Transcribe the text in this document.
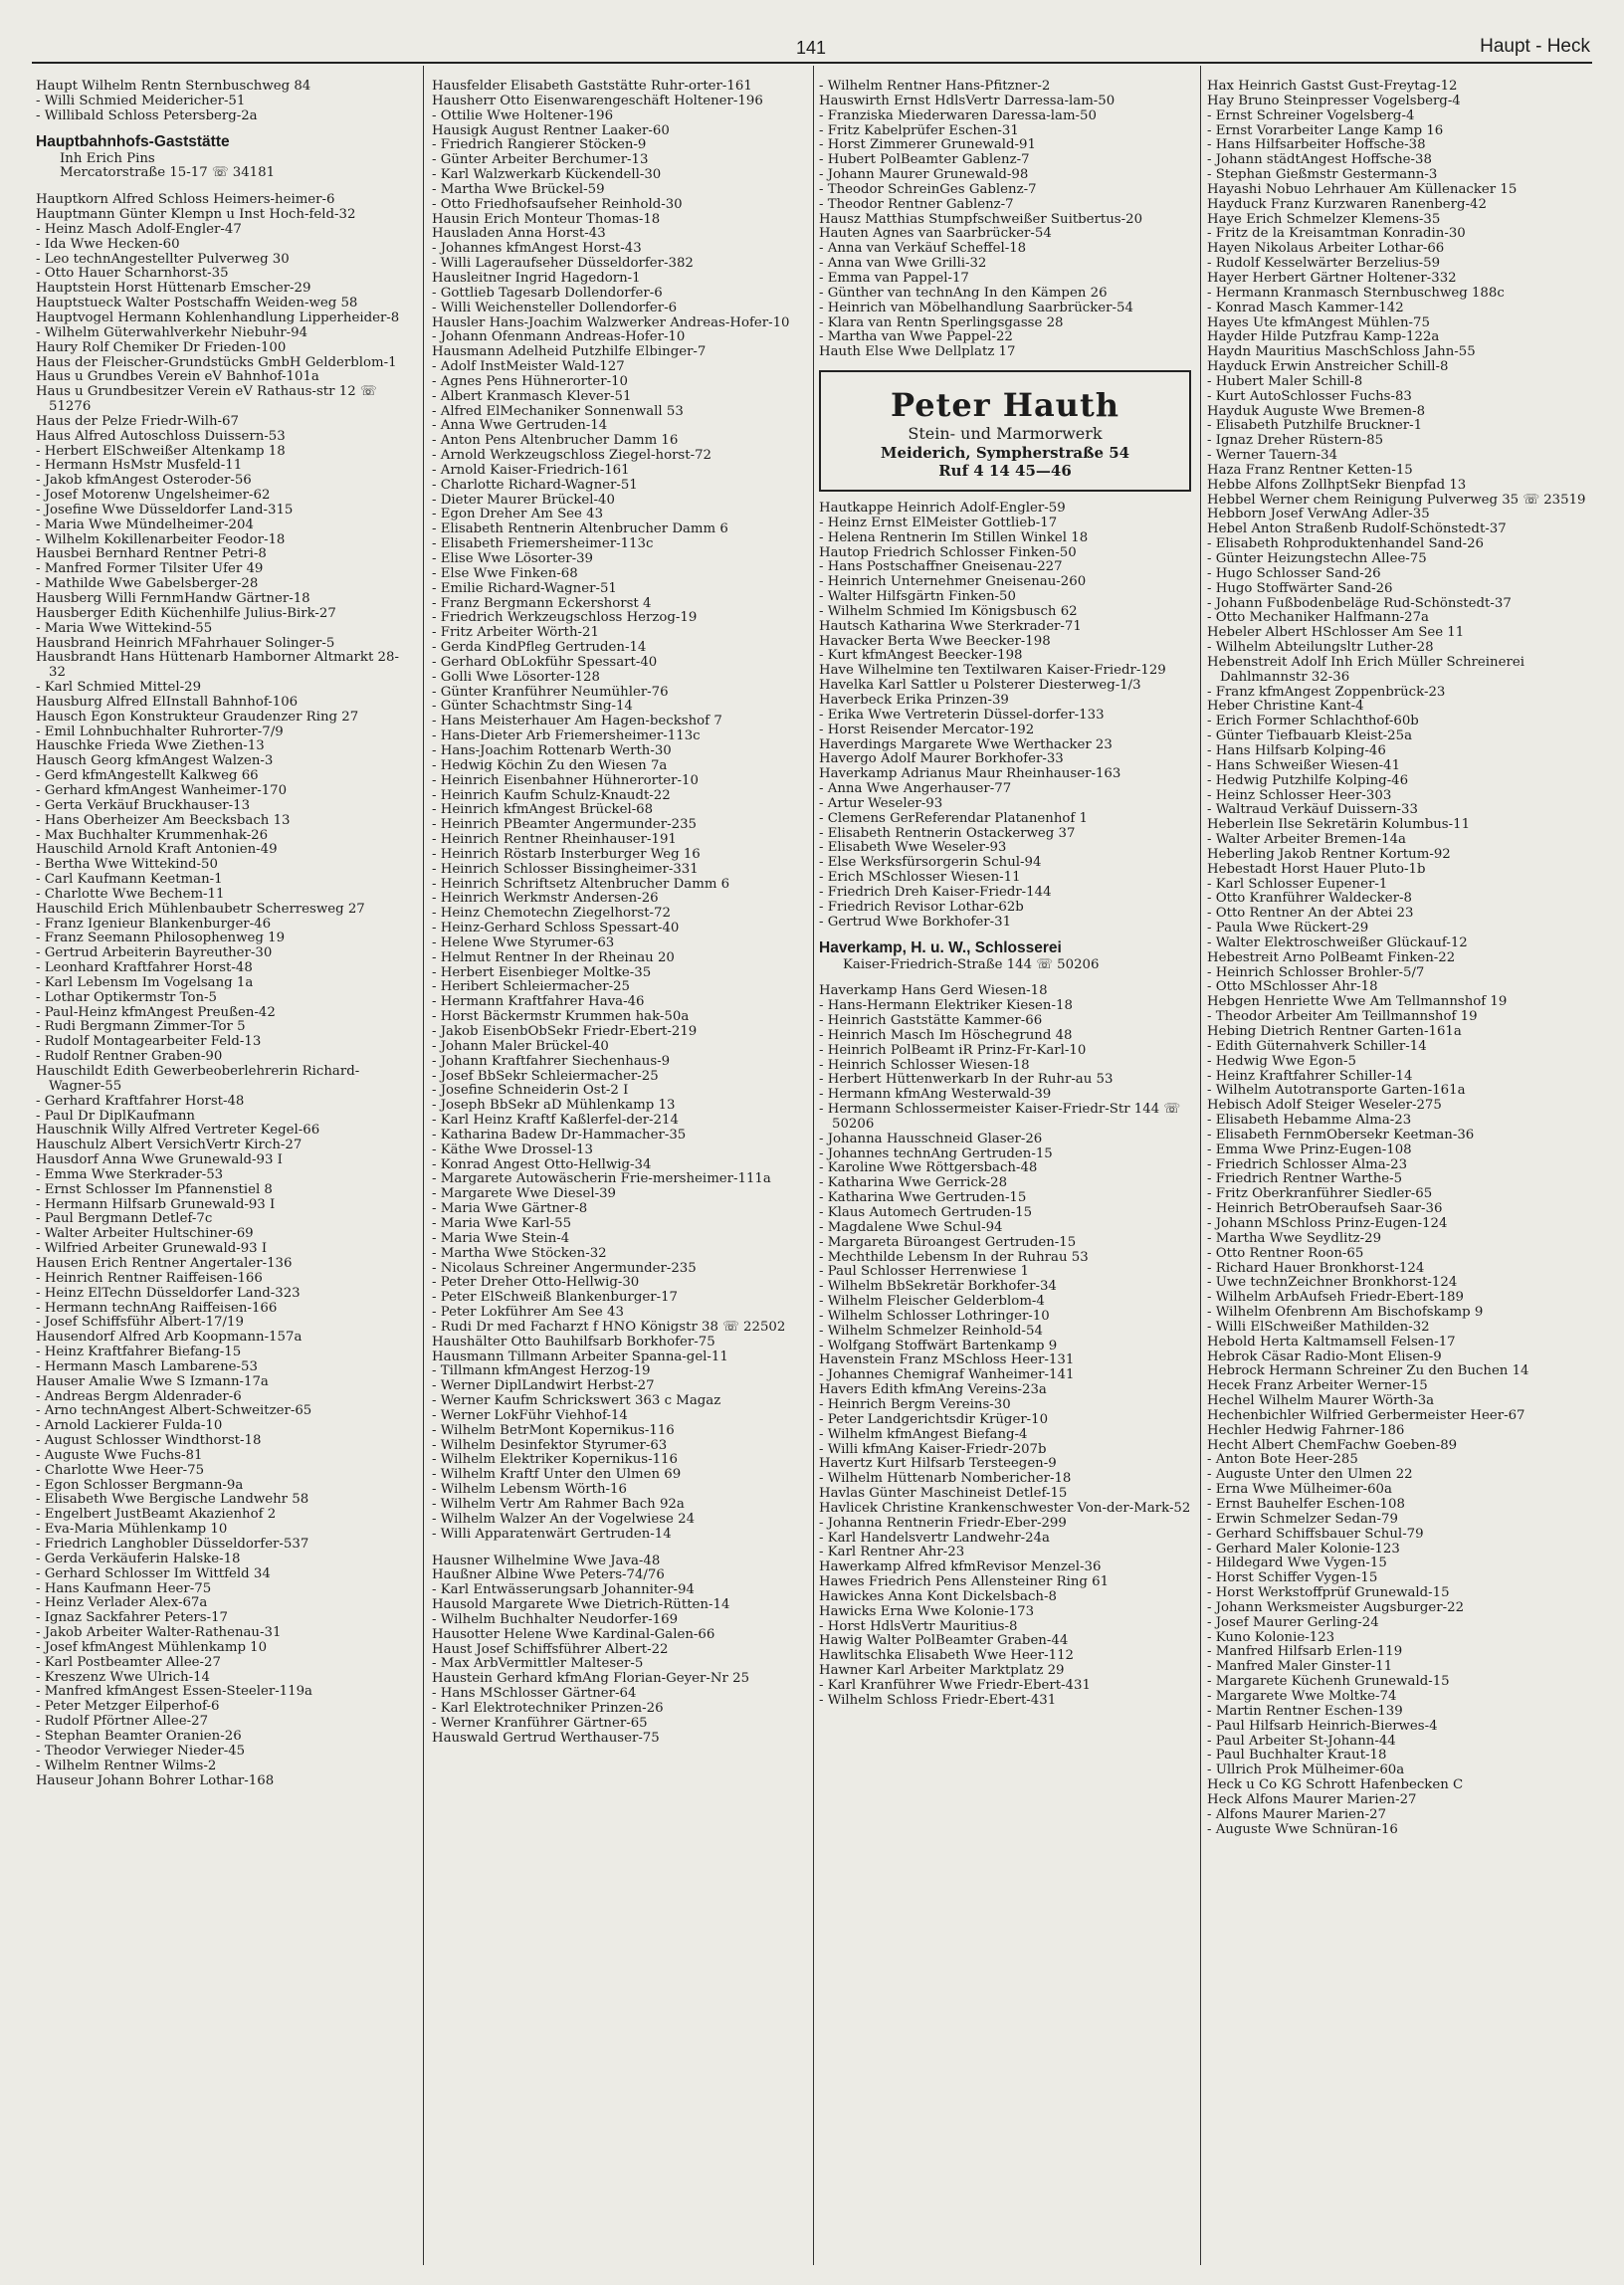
141	Haupt - Heck
Haupt Wilhelm Rentn Sternbuschweg 84
- Willi Schmied Meidericher-51
- Willibald Schloss Petersberg-2a
Hauptbahnhofs-Gaststätte
Inh Erich Pins
Mercatorstraße 15-17 ☏ 34181
Hauptkorn Alfred Schloss Heimers-heimer-6
Hauptmann Günter Klempn u Inst Hoch-feld-32
- Heinz Masch Adolf-Engler-47
- Ida Wwe Hecken-60
- Leo technAngestellter Pulverweg 30
- Otto Hauer Scharnhorst-35
Hauptstein Horst Hüttenarb Emscher-29
Hauptstueck Walter Postschaffn Weiden-weg 58
Hauptvogel Hermann Kohlenhandlung Lipperheider-8
- Wilhelm Güterwahlverkehr Niebuhr-94
Haury Rolf Chemiker Dr Frieden-100
Haus der Fleischer-Grundstücks GmbH Gelderblom-1
Haus u Grundbes Verein eV Bahnhof-101a
Haus u Grundbesitzer Verein eV Rathaus-str 12 ☏ 51276
Haus der Pelze Friedr-Wilh-67
Haus Alfred Autoschloss Duissern-53
- Herbert ElSchweißer Altenkamp 18
- Hermann HsMstr Musfeld-11
- Jakob kfmAngest Osteroder-56
- Josef Motorenw Ungelsheimer-62
- Josefine Wwe Düsseldorfer Land-315
- Maria Wwe Mündelheimer-204
- Wilhelm Kokillenarbeiter Feodor-18
Hausbei Bernhard Rentner Petri-8
- Manfred Former Tilsiter Ufer 49
- Mathilde Wwe Gabelsberger-28
Hausberg Willi FernmHandw Gärtner-18
Hausberger Edith Küchenhilfe Julius-Birk-27
- Maria Wwe Wittekind-55
Hausbrand Heinrich MFahrhauer Solinger-5
Hausbrandt Hans Hüttenarb Hamborner Altmarkt 28-32
- Karl Schmied Mittel-29
Hausburg Alfred ElInstall Bahnhof-106
Hausch Egon Konstrukteur Graudenzer Ring 27
- Emil Lohnbuchhalter Ruhrorter-7/9
Hauschke Frieda Wwe Ziethen-13
Hausch Georg kfmAngest Walzen-3
- Gerd kfmAngestellt Kalkweg 66
- Gerhard kfmAngest Wanheimer-170
- Gerta Verkäuf Bruckhauser-13
- Hans Oberheizer Am Beecksbach 13
- Max Buchhalter Krummenhak-26
Hauschild Arnold Kraft Antonien-49
- Bertha Wwe Wittekind-50
- Carl Kaufmann Keetman-1
- Charlotte Wwe Bechem-11
Hauschild Erich Mühlenbaubetr Scherresweg 27
- Franz Igenieur Blankenburger-46
- Franz Seemann Philosophenweg 19
- Gertrud Arbeiterin Bayreuther-30
- Leonhard Kraftfahrer Horst-48
- Karl Lebensm Im Vogelsang 1a
- Lothar Optikermstr Ton-5
- Paul-Heinz kfmAngest Preußen-42
- Rudi Bergmann Zimmer-Tor 5
- Rudolf Montagearbeiter Feld-13
- Rudolf Rentner Graben-90
Hauschildt Edith Gewerbeoberlehrerin Richard-Wagner-55
- Gerhard Kraftfahrer Horst-48
- Paul Dr DiplKaufmann
Hauschnik Willy Alfred Vertreter Kegel-66
Hauschulz Albert VersichVertr Kirch-27
Hausdorf Anna Wwe Grunewald-93 I
- Emma Wwe Sterkrader-53
- Ernst Schlosser Im Pfannenstiel 8
- Hermann Hilfsarb Grunewald-93 I
- Paul Bergmann Detlef-7c
- Walter Arbeiter Hultschiner-69
- Wilfried Arbeiter Grunewald-93 I
Hausen Erich Rentner Angertaler-136
- Heinrich Rentner Raiffeisen-166
- Heinz ElTechn Düsseldorfer Land-323
- Hermann technAng Raiffeisen-166
- Josef Schiffsführ Albert-17/19
Hausendorf Alfred Arb Koopmann-157a
- Heinz Kraftfahrer Biefang-15
- Hermann Masch Lambarene-53
Hauser Amalie Wwe S Izmann-17a
- Andreas Bergm Aldenrader-6
- Arno technAngest Albert-Schweitzer-65
- Arnold Lackierer Fulda-10
- August Schlosser Windthorst-18
- Auguste Wwe Fuchs-81
- Charlotte Wwe Heer-75
- Egon Schlosser Bergmann-9a
- Elisabeth Wwe Bergische Landwehr 58
- Engelbert JustBeamt Akazienhof 2
- Eva-Maria Mühlenkamp 10
- Friedrich Langhobler Düsseldorfer-537
- Gerda Verkäuferin Halske-18
- Gerhard Schlosser Im Wittfeld 34
- Hans Kaufmann Heer-75
- Heinz Verlader Alex-67a
- Ignaz Sackfahrer Peters-17
- Jakob Arbeiter Walter-Rathenau-31
- Josef kfmAngest Mühlenkamp 10
- Karl Postbeamter Allee-27
- Kreszenz Wwe Ulrich-14
- Manfred kfmAngest Essen-Steeler-119a
- Peter Metzger Eilperhof-6
- Rudolf Pförtner Allee-27
- Stephan Beamter Oranien-26
- Theodor Verwieger Nieder-45
- Wilhelm Rentner Wilms-2
Hauseur Johann Bohrer Lothar-168
Hausfelder Elisabeth Gaststätte Ruhr-orter-161
Hausherr Otto Eisenwarengeschäft Holtener-196
- Ottilie Wwe Holtener-196
Hausigk August Rentner Laaker-60
- Friedrich Rangierer Stöcken-9
- Günter Arbeiter Berchumer-13
- Karl Walzwerkarb Kückendell-30
- Martha Wwe Brückel-59
- Otto Friedhofsaufseher Reinhold-30
Hausin Erich Monteur Thomas-18
Hausladen Anna Horst-43
- Johannes kfmAngest Horst-43
- Willi Lageraufseher Düsseldorfer-382
Hausleitner Ingrid Hagedorn-1
- Gottlieb Tagesarb Dollendorfer-6
- Willi Weichensteller Dollendorfer-6
Hausler Hans-Joachim Walzwerker Andreas-Hofer-10
- Johann Ofenmann Andreas-Hofer-10
Hausmann Adelheid Putzhilfe Elbinger-7
- Adolf InstMeister Wald-127
- Agnes Pens Hühnerorter-10
- Albert Kranmasch Klever-51
- Alfred ElMechaniker Sonnenwall 53
- Anna Wwe Gertruden-14
- Anton Pens Altenbrucher Damm 16
- Arnold Werkzeugschloss Ziegel-horst-72
- Arnold Kaiser-Friedrich-161
- Charlotte Richard-Wagner-51
- Dieter Maurer Brückel-40
- Egon Dreher Am See 43
- Elisabeth Rentnerin Altenbrucher Damm 6
- Elisabeth Friemersheimer-113c
- Elise Wwe Lösorter-39
- Else Wwe Finken-68
- Emilie Richard-Wagner-51
- Franz Bergmann Eckershorst 4
- Friedrich Werkzeugschloss Herzog-19
- Fritz Arbeiter Wörth-21
- Gerda KindPfleg Gertruden-14
- Gerhard ObLokführ Spessart-40
- Golli Wwe Lösorter-128
- Günter Kranführer Neumühler-76
- Günter Schachtmstr Sing-14
- Hans Meisterhauer Am Hagen-beckshof 7
- Hans-Dieter Arb Friemersheimer-113c
- Hans-Joachim Rottenarb Werth-30
- Hedwig Köchin Zu den Wiesen 7a
- Heinrich Eisenbahner Hühnerorter-10
- Heinrich Kaufm Schulz-Knaudt-22
- Heinrich kfmAngest Brückel-68
- Heinrich PBeamter Angermunder-235
- Heinrich Rentner Rheinhauser-191
- Heinrich Röstarb Insterburger Weg 16
- Heinrich Schlosser Bissingheimer-331
- Heinrich Schriftsetz Altenbrucher Damm 6
- Heinrich Werkmstr Andersen-26
- Heinz Chemotechn Ziegelhorst-72
- Heinz-Gerhard Schloss Spessart-40
- Helene Wwe Styrumer-63
- Helmut Rentner In der Rheinau 20
- Herbert Eisenbieger Moltke-35
- Heribert Schleiermacher-25
- Hermann Kraftfahrer Hava-46
- Horst Bäckermstr Krummen hak-50a
- Jakob EisenbObSekr Friedr-Ebert-219
- Johann Maler Brückel-40
- Johann Kraftfahrer Siechenhaus-9
- Josef BbSekr Schleiermacher-25
- Josefine Schneiderin Ost-2 I
- Joseph BbSekr aD Mühlenkamp 13
- Karl Heinz Kraftf Kaßlerfel-der-214
- Katharina Badew Dr-Hammacher-35
- Käthe Wwe Drossel-13
- Konrad Angest Otto-Hellwig-34
- Margarete Autowäscherin Frie-mersheimer-111a
- Margarete Wwe Diesel-39
- Maria Wwe Gärtner-8
- Maria Wwe Karl-55
- Maria Wwe Stein-4
- Martha Wwe Stöcken-32
- Nicolaus Schreiner Angermunder-235
- Peter Dreher Otto-Hellwig-30
- Peter ElSchweiß Blankenburger-17
- Peter Lokführer Am See 43
- Rudi Dr med Facharzt f HNO Königstr 38 ☏ 22502
Haushälter Otto Bauhilfsarb Borkhofer-75
Hausmann Tillmann Arbeiter Spanna-gel-11
- Tillmann kfmAngest Herzog-19
- Werner DiplLandwirt Herbst-27
- Werner Kaufm Schrickswert 363 c Magaz
- Werner LokFühr Viehhof-14
- Wilhelm BetrMont Kopernikus-116
- Wilhelm Desinfektor Styrumer-63
- Wilhelm Elektriker Kopernikus-116
- Wilhelm Kraftf Unter den Ulmen 69
- Wilhelm Lebensm Wörth-16
- Wilhelm Vertr Am Rahmer Bach 92a
- Wilhelm Walzer An der Vogelwiese 24
- Willi Apparatenwärt Gertruden-14
Hausner Wilhelmine Wwe Java-48
Haußner Albine Wwe Peters-74/76
- Karl Entwässerungsarb Johanniter-94
Hausold Margarete Wwe Dietrich-Rütten-14
- Wilhelm Buchhalter Neudorfer-169
Hausotter Helene Wwe Kardinal-Galen-66
Haust Josef Schiffsführer Albert-22
- Max ArbVermittler Malteser-5
Haustein Gerhard kfmAng Florian-Geyer-Nr 25
- Hans MSchlosser Gärtner-64
- Karl Elektrotechniker Prinzen-26
- Werner Kranführer Gärtner-65
Hauswald Gertrud Werthauser-75
- Wilhelm Rentner Hans-Pfitzner-2
Hauswirth Ernst HdlsVertr Darressa-lam-50
- Franziska Miederwaren Daressa-lam-50
- Fritz Kabelprüfer Eschen-31
- Horst Zimmerer Grunewald-91
- Hubert PolBeamter Gablenz-7
- Johann Maurer Grunewald-98
- Theodor SchreinGes Gablenz-7
- Theodor Rentner Gablenz-7
Hausz Matthias Stumpfschweißer Suitbertus-20
Hauten Agnes van Saarbrücker-54
- Anna van Verkäuf Scheffel-18
- Anna van Wwe Grilli-32
- Emma van Pappel-17
- Günther van technAng In den Kämpen 26
- Heinrich van Möbelhandlung Saarbrücker-54
- Klara van Rentn Sperlingsgasse 28
- Martha van Wwe Pappel-22
Hauth Else Wwe Dellplatz 17
Peter Hauth
Stein- und Marmorwerk
Meiderich, Sympherstraße 54
Ruf 4 14 45—46
Hautkappe Heinrich Adolf-Engler-59
- Heinz Ernst ElMeister Gottlieb-17
- Helena Rentnerin Im Stillen Winkel 18
Hautop Friedrich Schlosser Finken-50
- Hans Postschaffner Gneisenau-227
- Heinrich Unternehmer Gneisenau-260
- Walter Hilfsgärtn Finken-50
- Wilhelm Schmied Im Königsbusch 62
Hautsch Katharina Wwe Sterkrader-71
Havacker Berta Wwe Beecker-198
- Kurt kfmAngest Beecker-198
Have Wilhelmine ten Textilwaren Kaiser-Friedr-129
Havelka Karl Sattler u Polsterer Diesterweg-1/3
Haverbeck Erika Prinzen-39
- Erika Wwe Vertreterin Düssel-dorfer-133
- Horst Reisender Mercator-192
Haverdings Margarete Wwe Werthacker 23
Havergo Adolf Maurer Borkhofer-33
Haverkamp Adrianus Maur Rheinhauser-163
- Anna Wwe Angerhauser-77
- Artur Weseler-93
- Clemens GerReferendar Platanenhof 1
- Elisabeth Rentnerin Ostackerweg 37
- Elisabeth Wwe Weseler-93
- Else Werksfürsorgerin Schul-94
- Erich MSchlosser Wiesen-11
- Friedrich Dreh Kaiser-Friedr-144
- Friedrich Revisor Lothar-62b
- Gertrud Wwe Borkhofer-31
Haverkamp, H. u. W., Schlosserei
Kaiser-Friedrich-Straße 144 ☏ 50206
Haverkamp Hans Gerd Wiesen-18
- Hans-Hermann Elektriker Kiesen-18
- Heinrich Gaststätte Kammer-66
- Heinrich Masch Im Höschegrund 48
- Heinrich PolBeamt iR Prinz-Fr-Karl-10
- Heinrich Schlosser Wiesen-18
- Herbert Hüttenwerkarb In der Ruhr-au 53
- Hermann kfmAng Westerwald-39
- Hermann Schlossermeister Kaiser-Friedr-Str 144 ☏ 50206
- Johanna Hausschneid Glaser-26
- Johannes technAng Gertruden-15
- Karoline Wwe Röttgersbach-48
- Katharina Wwe Gerrick-28
- Katharina Wwe Gertruden-15
- Klaus Automech Gertruden-15
- Magdalene Wwe Schul-94
- Margareta Büroangest Gertruden-15
- Mechthilde Lebensm In der Ruhrau 53
- Paul Schlosser Herrenwiese 1
- Wilhelm BbSekretär Borkhofer-34
- Wilhelm Fleischer Gelderblom-4
- Wilhelm Schlosser Lothringer-10
- Wilhelm Schmelzer Reinhold-54
- Wolfgang Stoffwärt Bartenkamp 9
Havenstein Franz MSchloss Heer-131
- Johannes Chemigraf Wanheimer-141
Havers Edith kfmAng Vereins-23a
- Heinrich Bergm Vereins-30
- Peter Landgerichtsdir Krüger-10
- Wilhelm kfmAngest Biefang-4
- Willi kfmAng Kaiser-Friedr-207b
Havertz Kurt Hilfsarb Tersteegen-9
- Wilhelm Hüttenarb Nombericher-18
Havlas Günter Maschineist Detlef-15
Havlicek Christine Krankenschwester Von-der-Mark-52
- Johanna Rentnerin Friedr-Eber-299
- Karl Handelsvertr Landwehr-24a
- Karl Rentner Ahr-23
Hawerkamp Alfred kfmRevisor Menzel-36
Hawes Friedrich Pens Allensteiner Ring 61
Hawickes Anna Kont Dickelsbach-8
Hawicks Erna Wwe Kolonie-173
- Horst HdlsVertr Mauritius-8
Hawig Walter PolBeamter Graben-44
Hawlitschka Elisabeth Wwe Heer-112
Hawner Karl Arbeiter Marktplatz 29
- Karl Kranführer Wwe Friedr-Ebert-431
- Wilhelm Schloss Friedr-Ebert-431
Hax Heinrich Gastst Gust-Freytag-12
Hay Bruno Steinpresser Vogelsberg-4
- Ernst Schreiner Vogelsberg-4
- Ernst Vorarbeiter Lange Kamp 16
- Hans Hilfsarbeiter Hoffsche-38
- Johann städtAngest Hoffsche-38
- Stephan Gießmstr Gestermann-3
Hayashi Nobuo Lehrhauer Am Küllenacker 15
Hayduck Franz Kurzwaren Ranenberg-42
Haye Erich Schmelzer Klemens-35
- Fritz de la Kreisamtman Konradin-30
Hayen Nikolaus Arbeiter Lothar-66
- Rudolf Kesselwärter Berzelius-59
Hayer Herbert Gärtner Holtener-332
- Hermann Kranmasch Sternbuschweg 188c
- Konrad Masch Kammer-142
Hayes Ute kfmAngest Mühlen-75
Hayder Hilde Putzfrau Kamp-122a
Haydn Mauritius MaschSchloss Jahn-55
Hayduck Erwin Anstreicher Schill-8
- Hubert Maler Schill-8
- Kurt AutoSchlosser Fuchs-83
Hayduk Auguste Wwe Bremen-8
- Elisabeth Putzhilfe Bruckner-1
- Ignaz Dreher Rüstern-85
- Werner Tauern-34
Haza Franz Rentner Ketten-15
Hebbe Alfons ZollhptSekr Bienpfad 13
Hebbel Werner chem Reinigung Pulverweg 35 ☏ 23519
Hebborn Josef VerwAng Adler-35
Hebel Anton Straßenb Rudolf-Schönstedt-37
- Elisabeth Rohproduktenhandel Sand-26
- Günter Heizungstechn Allee-75
- Hugo Schlosser Sand-26
- Hugo Stoffwärter Sand-26
- Johann Fußbodenbeläge Rud-Schönstedt-37
- Otto Mechaniker Halfmann-27a
Hebeler Albert HSchlosser Am See 11
- Wilhelm Abteilungsltr Luther-28
Hebenstreit Adolf Inh Erich Müller Schreinerei Dahlmannstr 32-36
- Franz kfmAngest Zoppenbrück-23
Heber Christine Kant-4
- Erich Former Schlachthof-60b
- Günter Tiefbauarb Kleist-25a
- Hans Hilfsarb Kolping-46
- Hans Schweißer Wiesen-41
- Hedwig Putzhilfe Kolping-46
- Heinz Schlosser Heer-303
- Waltraud Verkäuf Duissern-33
Heberlein Ilse Sekretärin Kolumbus-11
- Walter Arbeiter Bremen-14a
Heberling Jakob Rentner Kortum-92
Hebestadt Horst Hauer Pluto-1b
- Karl Schlosser Eupener-1
- Otto Kranführer Waldecker-8
- Otto Rentner An der Abtei 23
- Paula Wwe Rückert-29
- Walter Elektroschweißer Glückauf-12
Hebestreit Arno PolBeamt Finken-22
- Heinrich Schlosser Brohler-5/7
- Otto MSchlosser Ahr-18
Hebgen Henriette Wwe Am Tellmannshof 19
- Theodor Arbeiter Am Teillmannshof 19
Hebing Dietrich Rentner Garten-161a
- Edith Güternahverk Schiller-14
- Hedwig Wwe Egon-5
- Heinz Kraftfahrer Schiller-14
- Wilhelm Autotransporte Garten-161a
Hebisch Adolf Steiger Weseler-275
- Elisabeth Hebamme Alma-23
- Elisabeth FernmObersekr Keetman-36
- Emma Wwe Prinz-Eugen-108
- Friedrich Schlosser Alma-23
- Friedrich Rentner Warthe-5
- Fritz Oberkranführer Siedler-65
- Heinrich BetrOberaufseh Saar-36
- Johann MSchloss Prinz-Eugen-124
- Martha Wwe Seydlitz-29
- Otto Rentner Roon-65
- Richard Hauer Bronkhorst-124
- Uwe technZeichner Bronkhorst-124
- Wilhelm ArbAufseh Friedr-Ebert-189
- Wilhelm Ofenbrenn Am Bischofskamp 9
- Willi ElSchweißer Mathilden-32
Hebold Herta Kaltmamsell Felsen-17
Hebrok Cäsar Radio-Mont Elisen-9
Hebrock Hermann Schreiner Zu den Buchen 14
Hecek Franz Arbeiter Werner-15
Hechel Wilhelm Maurer Wörth-3a
Hechenbichler Wilfried Gerbermeister Heer-67
Hechler Hedwig Fahrner-186
Hecht Albert ChemFachw Goeben-89
- Anton Bote Heer-285
- Auguste Unter den Ulmen 22
- Erna Wwe Mülheimer-60a
- Ernst Bauhelfer Eschen-108
- Erwin Schmelzer Sedan-79
- Gerhard Schiffsbauer Schul-79
- Gerhard Maler Kolonie-123
- Hildegard Wwe Vygen-15
- Horst Schiffer Vygen-15
- Horst Werkstoffprüf Grunewald-15
- Johann Werksmeister Augsburger-22
- Josef Maurer Gerling-24
- Kuno Kolonie-123
- Manfred Hilfsarb Erlen-119
- Manfred Maler Ginster-11
- Margarete Küchenh Grunewald-15
- Margarete Wwe Moltke-74
- Martin Rentner Eschen-139
- Paul Hilfsarb Heinrich-Bierwes-4
- Paul Arbeiter St-Johann-44
- Paul Buchhalter Kraut-18
- Ullrich Prok Mülheimer-60a
Heck u Co KG Schrott Hafenbecken C
Heck Alfons Maurer Marien-27
- Alfons Maurer Marien-27
- Auguste Wwe Schnüran-16
